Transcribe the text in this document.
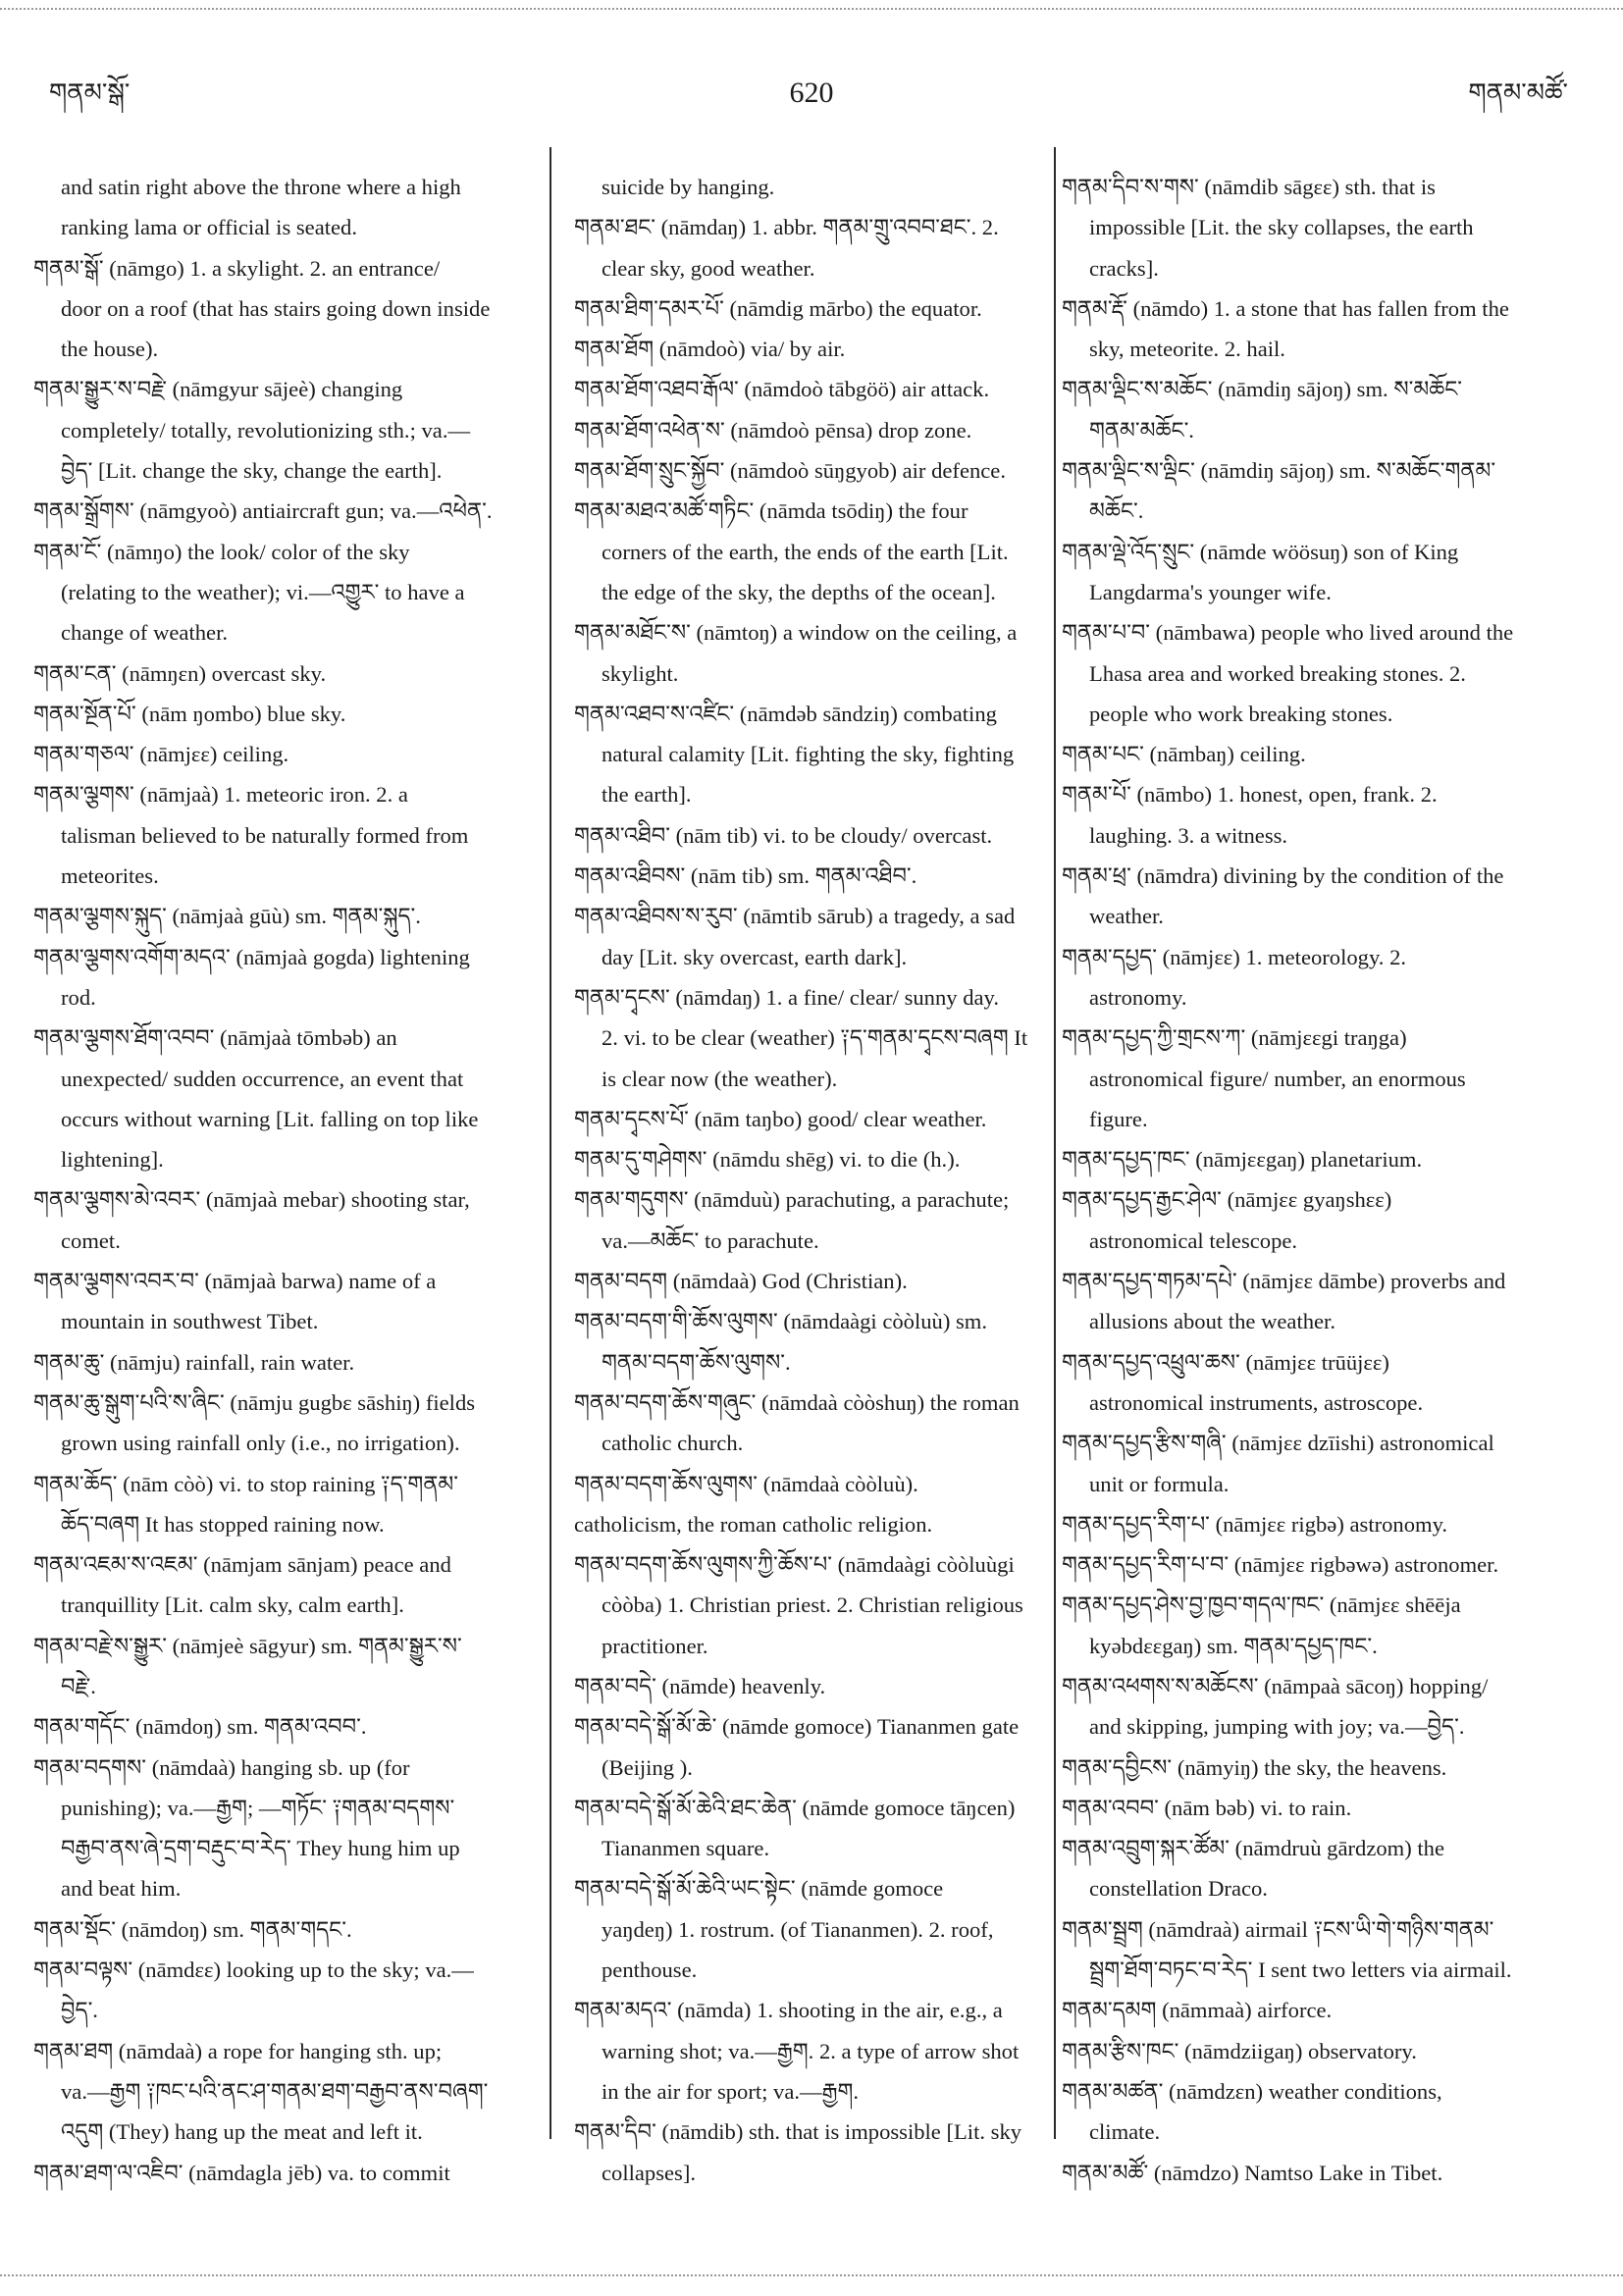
གནམ་སྒོ་	620	གནམ་མཚོ་
and satin right above the throne where a high
ranking lama or official is seated.
གནམ་སྒོ་ (nāmgo) 1. a skylight. 2. an entrance/
door on a roof (that has stairs going down inside
the house).
གནམ་སྒྱུར་ས་བརྗེ་ (nāmgyur sājeè) changing
completely/ totally, revolutionizing sth.; va.—
བྱེད་ [Lit. change the sky, change the earth].
གནམ་སྒྲོགས་ (nāmgyoò) antiaircraft gun; va.—འཕེན་.
གནམ་ངོ་ (nāmŋo) the look/ color of the sky
(relating to the weather); vi.—འགྱུར་ to have a
change of weather.
གནམ་ངན་ (nāmŋɛn) overcast sky.
གནམ་སྔོན་པོ་ (nām ŋombo) blue sky.
གནམ་གཅལ་ (nāmjɛɛ) ceiling.
གནམ་ལྕགས་ (nāmjaà) 1. meteoric iron. 2. a
talisman believed to be naturally formed from
meteorites.
གནམ་ལྕགས་སྐུད་ (nāmjaà gūù) sm. གནམ་སྐུད་.
གནམ་ལྕགས་འགོག་མདའ་ (nāmjaà gogda) lightening
rod.
གནམ་ལྕགས་ཐོག་འབབ་ (nāmjaà tōmbəb) an
unexpected/ sudden occurrence, an event that
occurs without warning [Lit. falling on top like
lightening].
གནམ་ལྕགས་མེ་འབར་ (nāmjaà mebar) shooting star,
comet.
གནམ་ལྕགས་འབར་བ་ (nāmjaà barwa) name of a
mountain in southwest Tibet.
གནམ་ཆུ་ (nāmju) rainfall, rain water.
གནམ་ཆུ་སྒུག་པའི་ས་ཞིང་ (nāmju gugbɛ sāshiŋ) fields
grown using rainfall only (i.e., no irrigation).
གནམ་ཆོད་ (nām còò) vi. to stop raining ༑ད་གནམ་
ཆོད་བཞག It has stopped raining now.
གནམ་འཇམ་ས་འཇམ་ (nāmjam sānjam) peace and
tranquillity [Lit. calm sky, calm earth].
གནམ་བརྗེ་ས་སྒྱུར་ (nāmjeè sāgyur) sm. གནམ་སྒྱུར་ས་
བརྗེ་.
གནམ་གདོང་ (nāmdoŋ) sm. གནམ་འབབ་.
གནམ་བདགས་ (nāmdaà) hanging sb. up (for
punishing); va.—རྒྱག; —གཏོང་ ༑གནམ་བདགས་
བརྒྱབ་ནས་ཞེ་དྲག་བརྡུང་བ་རེད་ They hung him up
and beat him.
གནམ་སྡོང་ (nāmdoŋ) sm. གནམ་གདང་.
གནམ་བལྟས་ (nāmdɛɛ) looking up to the sky; va.—
བྱེད་.
གནམ་ཐག (nāmdaà) a rope for hanging sth. up;
va.—རྒྱག ༑ཁང་པའི་ནང་ཤ་གནམ་ཐག་བརྒྱབ་ནས་བཞག་
འདུག (They) hang up the meat and left it.
གནམ་ཐག་ལ་འཇིབ་ (nāmdagla jēb) va. to commit
suicide by hanging.
གནམ་ཐང་ (nāmdaŋ) 1. abbr. གནམ་གྲུ་འབབ་ཐང་. 2.
clear sky, good weather.
གནམ་ཐིག་དམར་པོ་ (nāmdig mārbo) the equator.
གནམ་ཐོག (nāmdoò) via/ by air.
གནམ་ཐོག་འཐབ་རྒོལ་ (nāmdoò tābgöö) air attack.
གནམ་ཐོག་འཕེན་ས་ (nāmdoò pēnsa) drop zone.
གནམ་ཐོག་སྲུང་སྐྱོབ་ (nāmdoò sūŋgyob) air defence.
གནམ་མཐའ་མཚོ་གཏིང་ (nāmda tsōdiŋ) the four
corners of the earth, the ends of the earth [Lit.
the edge of the sky, the depths of the ocean].
གནམ་མཐོང་ས་ (nāmtoŋ) a window on the ceiling, a
skylight.
གནམ་འཐབ་ས་འཛིང་ (nāmdəb sāndziŋ) combating
natural calamity [Lit. fighting the sky, fighting
the earth].
གནམ་འཐིབ་ (nām tib) vi. to be cloudy/ overcast.
གནམ་འཐིབས་ (nām tib) sm. གནམ་འཐིབ་.
གནམ་འཐིབས་ས་རུབ་ (nāmtib sārub) a tragedy, a sad
day [Lit. sky overcast, earth dark].
གནམ་དྭངས་ (nāmdaŋ) 1. a fine/ clear/ sunny day.
2. vi. to be clear (weather) ༑ད་གནམ་དྭངས་བཞག It
is clear now (the weather).
གནམ་དྭངས་པོ་ (nām taŋbo) good/ clear weather.
གནམ་དུ་གཤེགས་ (nāmdu shēg) vi. to die (h.).
གནམ་གདུགས་ (nāmduù) parachuting, a parachute;
va.—མཆོང་ to parachute.
གནམ་བདག (nāmdaà) God (Christian).
གནམ་བདག་གི་ཆོས་ལུགས་ (nāmdaàgi còòluù) sm.
གནམ་བདག་ཆོས་ལུགས་.
གནམ་བདག་ཆོས་གཞུང་ (nāmdaà còòshuŋ) the roman
catholic church.
གནམ་བདག་ཆོས་ལུགས་ (nāmdaà còòluù).
catholicism, the roman catholic religion.
གནམ་བདག་ཆོས་ལུགས་ཀྱི་ཆོས་པ་ (nāmdaàgi còòluùgi
còòba) 1. Christian priest. 2. Christian religious
practitioner.
གནམ་བདེ་ (nāmde) heavenly.
གནམ་བདེ་སྒོ་མོ་ཆེ་ (nāmde gomoce) Tiananmen gate
(Beijing ).
གནམ་བདེ་སྒོ་མོ་ཆེའི་ཐང་ཆེན་ (nāmde gomoce tāŋcen)
Tiananmen square.
གནམ་བདེ་སྒོ་མོ་ཆེའི་ཡང་སྟེང་ (nāmde gomoce
yaŋdeŋ) 1. rostrum. (of Tiananmen). 2. roof,
penthouse.
གནམ་མདའ་ (nāmda) 1. shooting in the air, e.g., a
warning shot; va.—རྒྱག. 2. a type of arrow shot
in the air for sport; va.—རྒྱག.
གནམ་དིབ་ (nāmdib) sth. that is impossible [Lit. sky
collapses].
གནམ་དིབ་ས་གས་ (nāmdib sāgɛɛ) sth. that is
impossible [Lit. the sky collapses, the earth
cracks].
གནམ་རྡོ་ (nāmdo) 1. a stone that has fallen from the
sky, meteorite. 2. hail.
གནམ་ལྡིང་ས་མཆོང་ (nāmdiŋ sājoŋ) sm. ས་མཆོང་
གནམ་མཆོང་.
གནམ་ལྡིང་ས་ལྡིང་ (nāmdiŋ sājoŋ) sm. ས་མཆོང་གནམ་
མཆོང་.
གནམ་ལྡེ་འོད་སྲུང་ (nāmde wöösuŋ) son of King
Langdarma's younger wife.
གནམ་པ་བ་ (nāmbawa) people who lived around the
Lhasa area and worked breaking stones. 2.
people who work breaking stones.
གནམ་པང་ (nāmbaŋ) ceiling.
གནམ་པོ་ (nāmbo) 1. honest, open, frank. 2.
laughing. 3. a witness.
གནམ་ཕྲ་ (nāmdra) divining by the condition of the
weather.
གནམ་དཔྱད་ (nāmjɛɛ) 1. meteorology. 2.
astronomy.
གནམ་དཔྱད་ཀྱི་གྲངས་ཀ་ (nāmjɛɛgi traŋga)
astronomical figure/ number, an enormous
figure.
གནམ་དཔྱད་ཁང་ (nāmjɛɛgaŋ) planetarium.
གནམ་དཔྱད་རྒྱང་ཤེལ་ (nāmjɛɛ gyaŋshɛɛ)
astronomical telescope.
གནམ་དཔྱད་གཏམ་དཔེ་ (nāmjɛɛ dāmbe) proverbs and
allusions about the weather.
གནམ་དཔྱད་འཕྲུལ་ཆས་ (nāmjɛɛ trūüjɛɛ)
astronomical instruments, astroscope.
གནམ་དཔྱད་རྩིས་གཞི་ (nāmjɛɛ dzīishi) astronomical
unit or formula.
གནམ་དཔྱད་རིག་པ་ (nāmjɛɛ rigbə) astronomy.
གནམ་དཔྱད་རིག་པ་བ་ (nāmjɛɛ rigbəwə) astronomer.
གནམ་དཔྱད་ཤེས་བྱ་ཁྱབ་གདལ་ཁང་ (nāmjɛɛ shēēja
kyəbdɛɛgaŋ) sm. གནམ་དཔྱད་ཁང་.
གནམ་འཕགས་ས་མཆོངས་ (nāmpaà sācoŋ) hopping/
and skipping, jumping with joy; va.—བྱེད་.
གནམ་དབྱིངས་ (nāmyiŋ) the sky, the heavens.
གནམ་འབབ་ (nām bəb) vi. to rain.
གནམ་འབྲུག་སྐར་ཚོམ་ (nāmdruù gārdzom) the
constellation Draco.
གནམ་སྦྲག (nāmdraà) airmail ༑ངས་ཡི་གེ་གཉིས་གནམ་
སྦྲག་ཐོག་བཏང་བ་རེད་ I sent two letters via airmail.
གནམ་དམག (nāmmaà) airforce.
གནམ་རྩིས་ཁང་ (nāmdziigaŋ) observatory.
གནམ་མཚན་ (nāmdzɛn) weather conditions,
climate.
གནམ་མཚོ་ (nāmdzo) Namtso Lake in Tibet.
